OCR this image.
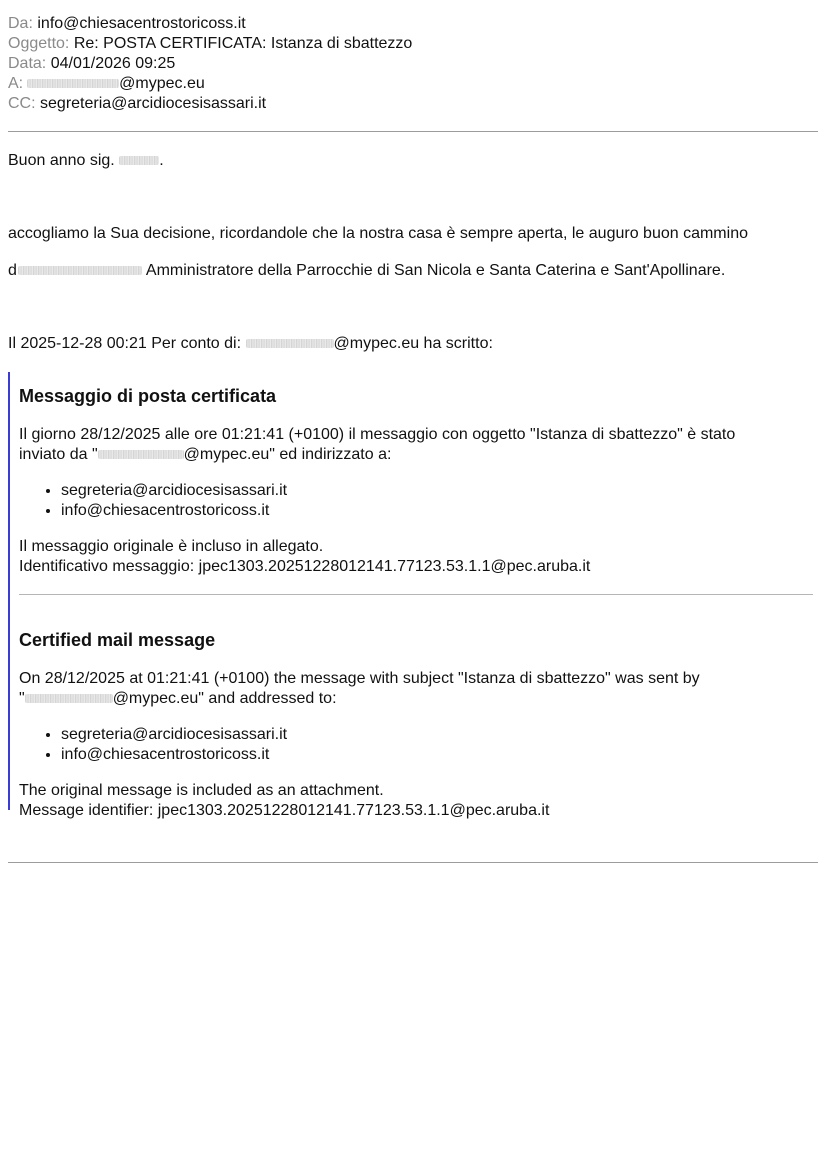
Da: info@chiesacentrostoricoss.it
Oggetto: Re: POSTA CERTIFICATA: Istanza di sbattezzo
Data: 04/01/2026 09:25
A:	@mypec.eu
CC: segreteria@arcidiocesisassari.it
Buon anno sig.	.
accogliamo la Sua decisione, ricordandole che la nostra casa è sempre aperta, le auguro buon cammino
d	Amministratore della Parrocchie di San Nicola e Santa Caterina e Sant'Apollinare.
Il 2025-12-28 00:21 Per conto di:	@mypec.eu ha scritto:
Messaggio di posta certificata

Il giorno 28/12/2025 alle ore 01:21:41 (+0100) il messaggio con oggetto "Istanza di sbattezzo" è stato

inviato da "	@mypec.eu" ed indirizzato a:

• segreteria@arcidiocesisassari.it
• info@chiesacentrostoricoss.it

Il messaggio originale è incluso in allegato.

Identificativo messaggio: jpec1303.20251228012141.77123.53.1.1@pec.aruba.it

Certified mail message

On 28/12/2025 at 01:21:41 (+0100) the message with subject "Istanza di sbattezzo" was sent by

"	@mypec.eu" and addressed to:

• segreteria@arcidiocesisassari.it
• info@chiesacentrostoricoss.it

The original message is included as an attachment.

Message identifier: jpec1303.20251228012141.77123.53.1.1@pec.aruba.it
